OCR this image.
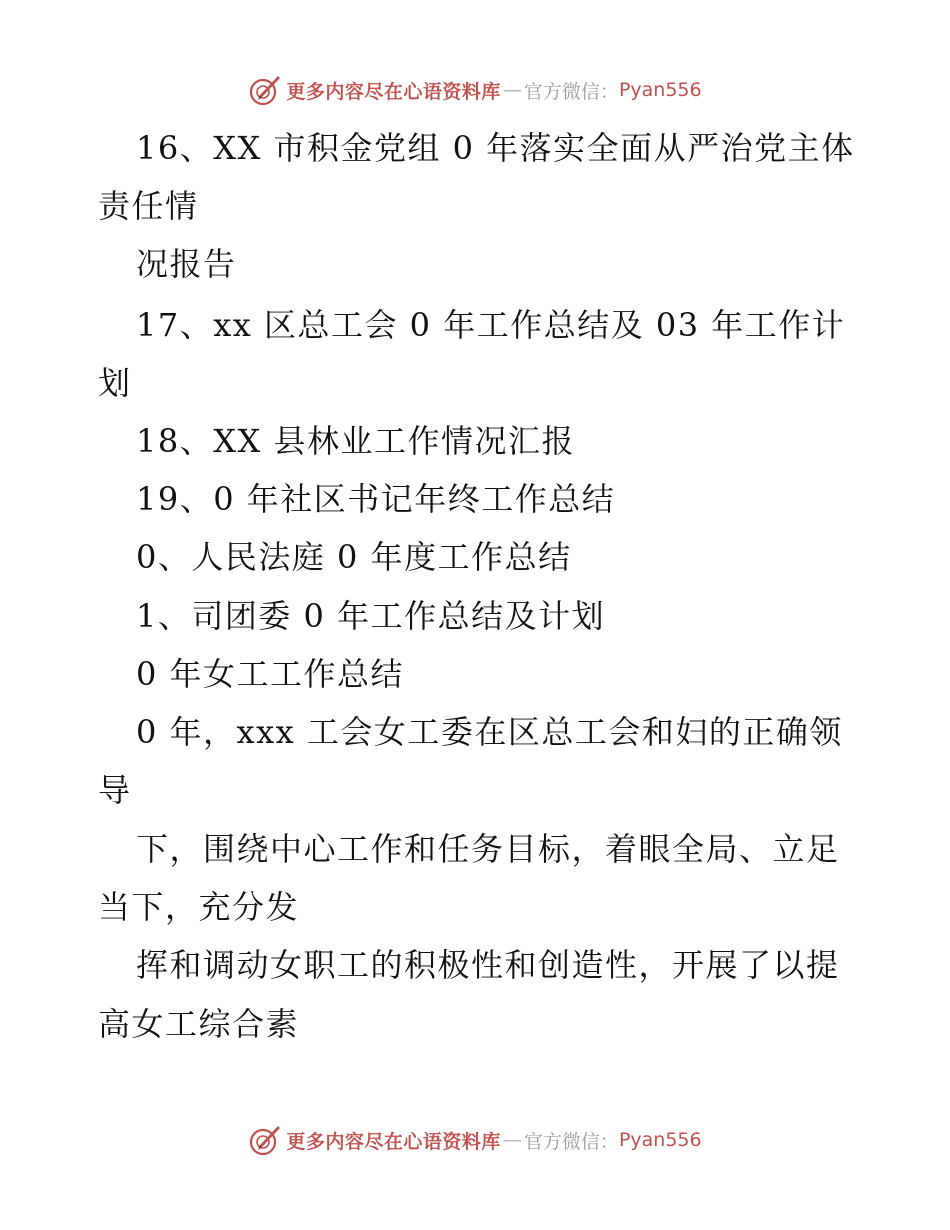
更多内容尽在心语资料库 — 官方微信： Pyan556
16、XX 市积金党组 0 年落实全面从严治党主体
责任情
况报告
17、xx 区总工会 0 年工作总结及 03 年工作计
划
18、XX 县林业工作情况汇报
19、0 年社区书记年终工作总结
0、人民法庭 0 年度工作总结
1、司团委 0 年工作总结及计划
0 年女工工作总结
0 年，xxx 工会女工委在区总工会和妇的正确领
导
下，围绕中心工作和任务目标，着眼全局、立足
当下，充分发
挥和调动女职工的积极性和创造性，开展了以提
高女工综合素
更多内容尽在心语资料库 — 官方微信： Pyan556
